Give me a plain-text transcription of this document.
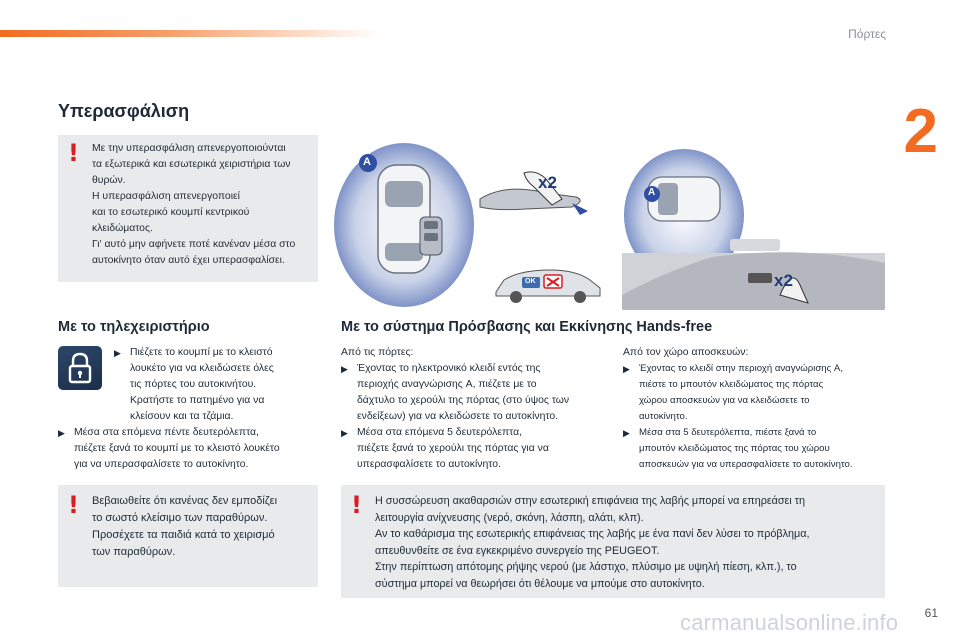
Πόρτες
2
61
carmanualsonline.info
Υπερασφάλιση
! Με την υπερασφάλιση απενεργοποιούνται
τα εξωτερικά και εσωτερικά χειριστήρια των
θυρών.
Η υπερασφάλιση απενεργοποιεί
και το εσωτερικό κουμπί κεντρικού
κλειδώματος.
Γι' αυτό μην αφήνετε ποτέ κανέναν μέσα στο
αυτοκίνητο όταν αυτό έχει υπερασφαλίσει.
A
x2
OK
A
x2
Με το τηλεχειριστήριο
▶ Πιέζετε το κουμπί με το κλειστό
λουκέτο για να κλειδώσετε όλες
τις πόρτες του αυτοκινήτου.
Κρατήστε το πατημένο για να
κλείσουν και τα τζάμια.
▶ Μέσα στα επόμενα πέντε δευτερόλεπτα,
πιέζετε ξανά το κουμπί με το κλειστό λουκέτο
για να υπερασφαλίσετε το αυτοκίνητο.
! Βεβαιωθείτε ότι κανένας δεν εμποδίζει
το σωστό κλείσιμο των παραθύρων.
Προσέχετε τα παιδιά κατά το χειρισμό
των παραθύρων.
Με το σύστημα Πρόσβασης και Εκκίνησης Hands-free
Από τις πόρτες:
▶ Έχοντας το ηλεκτρονικό κλειδί εντός της
περιοχής αναγνώρισης A, πιέζετε με το
δάχτυλο το χερούλι της πόρτας (στο ύψος των
ενδείξεων) για να κλειδώσετε το αυτοκίνητο.
▶ Μέσα στα επόμενα 5 δευτερόλεπτα,
πιέζετε ξανά το χερούλι της πόρτας για να
υπερασφαλίσετε το αυτοκίνητο.
Από τον χώρο αποσκευών:
▶ Έχοντας το κλειδί στην περιοχή αναγνώρισης A,
πιέστε το μπουτόν κλειδώματος της πόρτας
χώρου αποσκευών για να κλειδώσετε το
αυτοκίνητο.
▶ Μέσα στα 5 δευτερόλεπτα, πιέστε ξανά το
μπουτόν κλειδώματος της πόρτας του χώρου
αποσκευών για να υπερασφαλίσετε το αυτοκίνητο.
! Η συσσώρευση ακαθαρσιών στην εσωτερική επιφάνεια της λαβής μπορεί να επηρεάσει τη
λειτουργία ανίχνευσης (νερό, σκόνη, λάσπη, αλάτι, κλπ).
Αν το καθάρισμα της εσωτερικής επιφάνειας της λαβής με ένα πανί δεν λύσει το πρόβλημα,
απευθυνθείτε σε ένα εγκεκριμένο συνεργείο της PEUGEOT.
Στην περίπτωση απότομης ρήψης νερού (με λάστιχο, πλύσιμο με υψηλή πίεση, κλπ.), το
σύστημα μπορεί να θεωρήσει ότι θέλουμε να μπούμε στο αυτοκίνητο.
